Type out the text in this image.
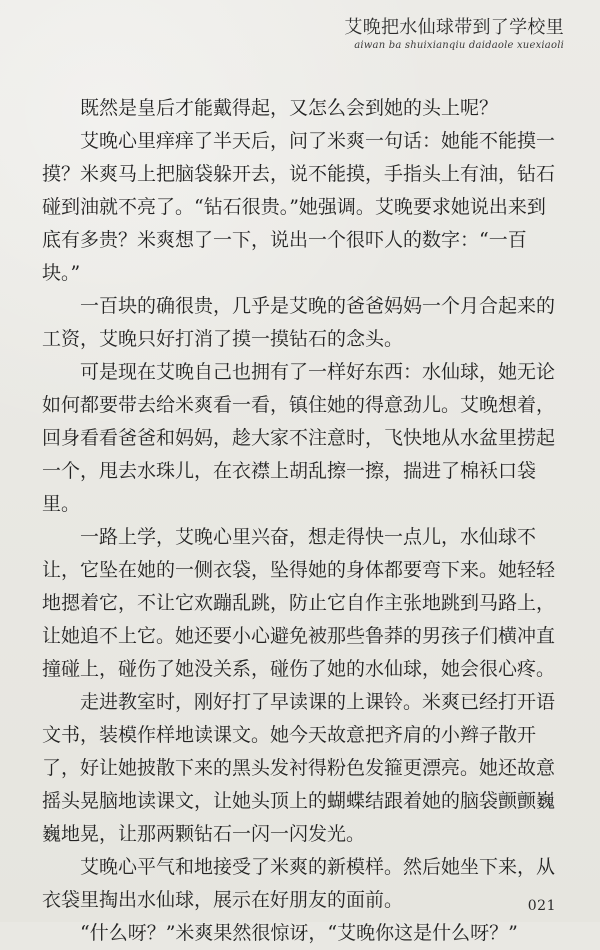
艾晚把水仙球带到了学校里
aiwan ba shuixianqiu daidaole xuexiaoli

既然是皇后才能戴得起，又怎么会到她的头上呢？

艾晚心里痒痒了半天后，问了米爽一句话：她能不能摸一摸？米爽马上把脑袋躲开去，说不能摸，手指头上有油，钻石碰到油就不亮了。“钻石很贵。”她强调。艾晚要求她说出来到底有多贵？米爽想了一下，说出一个很吓人的数字：“一百块。”

一百块的确很贵，几乎是艾晚的爸爸妈妈一个月合起来的工资，艾晚只好打消了摸一摸钻石的念头。

可是现在艾晚自己也拥有了一样好东西：水仙球，她无论如何都要带去给米爽看一看，镇住她的得意劲儿。艾晚想着，回身看看爸爸和妈妈，趁大家不注意时，飞快地从水盆里捞起一个，甩去水珠儿，在衣襟上胡乱擦一擦，揣进了棉袄口袋里。

一路上学，艾晚心里兴奋，想走得快一点儿，水仙球不让，它坠在她的一侧衣袋，坠得她的身体都要弯下来。她轻轻地摁着它，不让它欢蹦乱跳，防止它自作主张地跳到马路上，让她追不上它。她还要小心避免被那些鲁莽的男孩子们横冲直撞碰上，碰伤了她没关系，碰伤了她的水仙球，她会很心疼。

走进教室时，刚好打了早读课的上课铃。米爽已经打开语文书，装模作样地读课文。她今天故意把齐肩的小辫子散开了，好让她披散下来的黑头发衬得粉色发箍更漂亮。她还故意摇头晃脑地读课文，让她头顶上的蝴蝶结跟着她的脑袋颤颤巍巍地晃，让那两颗钻石一闪一闪发光。

艾晚心平气和地接受了米爽的新模样。然后她坐下来，从衣袋里掏出水仙球，展示在好朋友的面前。

“什么呀？”米爽果然很惊讶，“艾晚你这是什么呀？”

021
